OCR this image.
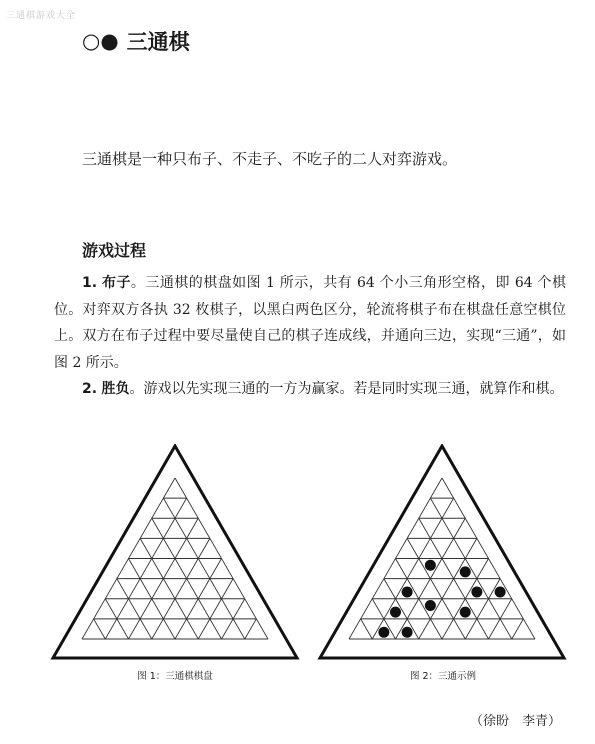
三通棋游戏大全
○● 三通棋
三通棋是一种只布子、不走子、不吃子的二人对弈游戏。
游戏过程

1. 布子。三通棋的棋盘如图 1 所示，共有 64 个小三角形空格，即 64 个棋位。对弈双方各执 32 枚棋子，以黑白两色区分，轮流将棋子布在棋盘任意空棋位上。双方在布子过程中要尽量使自己的棋子连成线，并通向三边，实现“三通”，如图 2 所示。

2. 胜负。游戏以先实现三通的一方为赢家。若是同时实现三通，就算作和棋。

图 1：三通棋棋盘	图 2：三通示例
（徐盼　李青）
